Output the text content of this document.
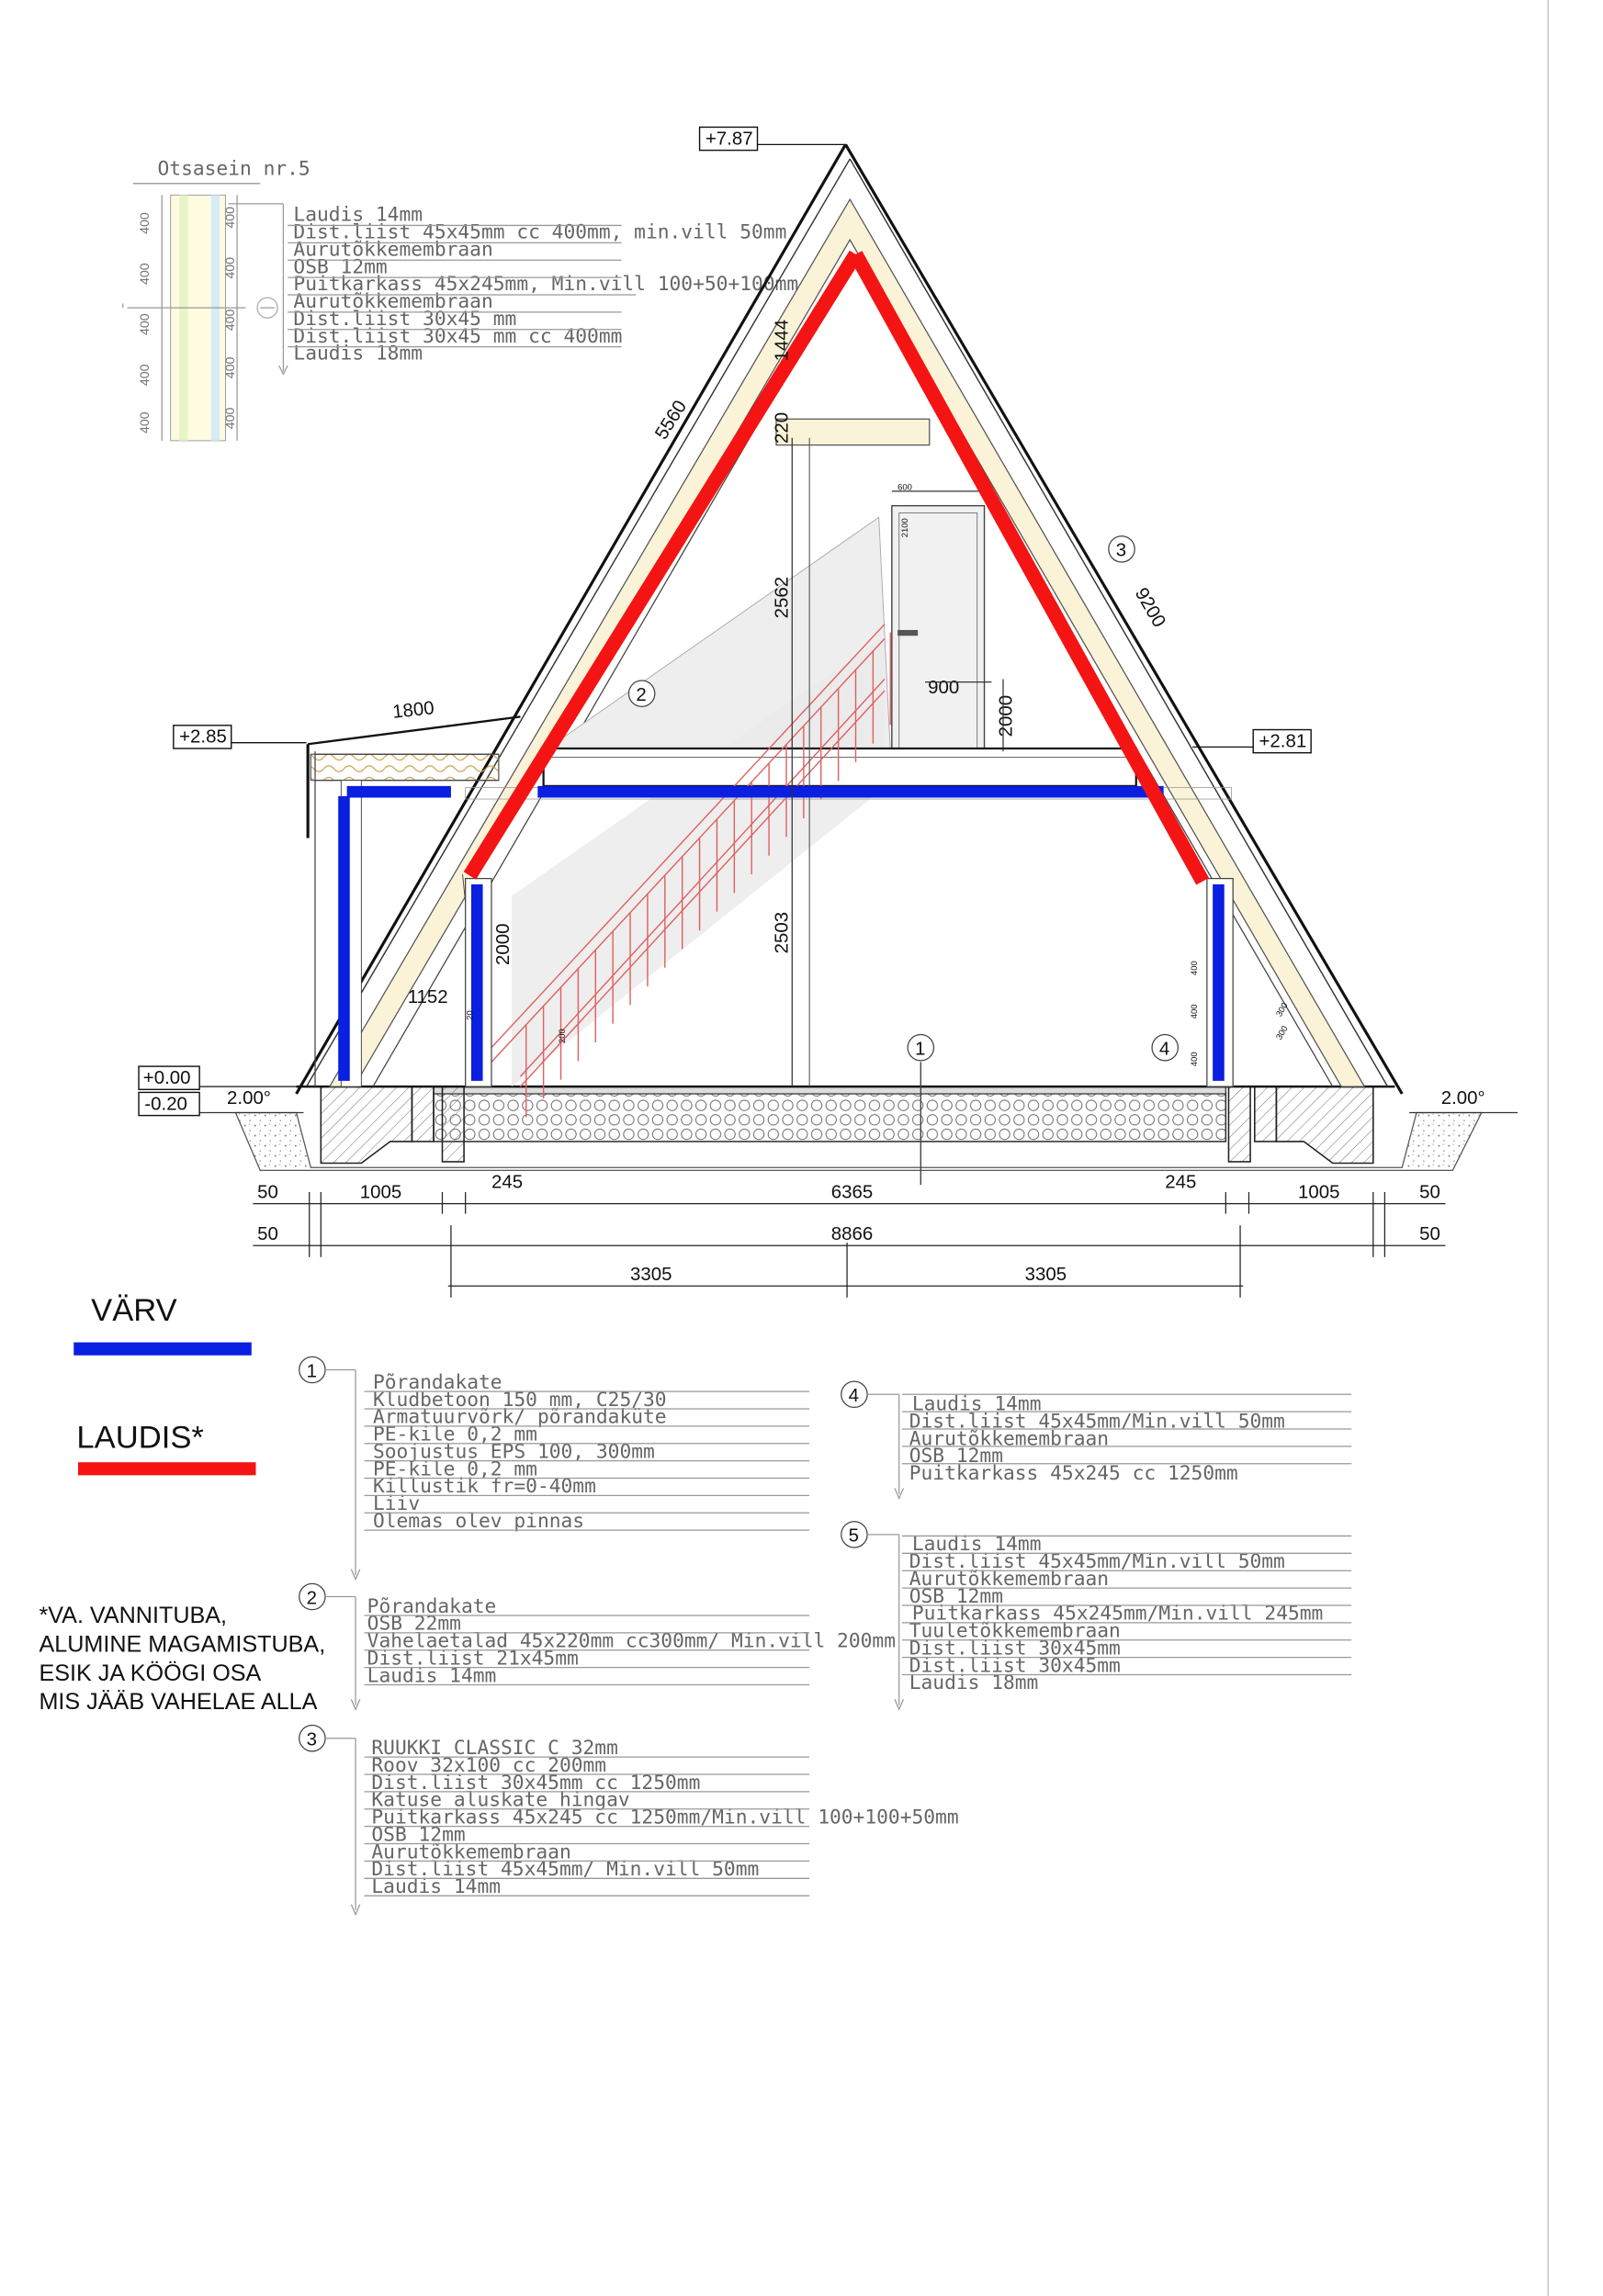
Otsasein nr.5
400
400
400
400
400
400
400
400
400
400
Laudis 14mm
Dist.liist 45x45mm cc 400mm, min.vill 50mm
Aurutõkkemembraan
OSB 12mm
Puitkarkass 45x245mm, Min.vill 100+50+100mm
Aurutõkkemembraan
Dist.liist 30x45 mm
Dist.liist 30x45 mm cc 400mm
Laudis 18mm
5560
9200
1444
220
2562
2503
2000
2000
900
1800
1152
600
2100
400
400
400
300
300
200
20
+7.87
+2.85	+2.81
+0.00
-0.20	2.00°	2.00°
2
3
1	4
50	1005	245	6365	245	1005	50
50	8866	50
3305	3305
VÄRV
LAUDIS*
*VA. VANNITUBA,
ALUMINE MAGAMISTUBA,
ESIK JA KÖÖGI OSA
MIS JÄÄB VAHELAE ALLA
1
Põrandakate
Kludbetoon 150 mm, C25/30
Armatuurvõrk/ põrandaküte
PE-kile 0,2 mm
Soojustus EPS 100, 300mm
PE-kile 0,2 mm
Killustik fr=0-40mm
Liiv
Olemas olev pinnas
2	Põrandakate
OSB 22mm
Vahelaetalad 45x220mm cc300mm/ Min.vill 200mm
Dist.liist 21x45mm
Laudis 14mm
3	RUUKKI CLASSIC C 32mm
Roov 32x100 cc 200mm
Dist.liist 30x45mm cc 1250mm
Katuse aluskate hingav
Puitkarkass 45x245 cc 1250mm/Min.vill 100+100+50mm
OSB 12mm
Aurutõkkemembraan
Dist.liist 45x45mm/ Min.vill 50mm
Laudis 14mm
4	Laudis 14mm
Dist.liist 45x45mm/Min.vill 50mm
Aurutõkkemembraan
OSB 12mm
Puitkarkass 45x245 cc 1250mm
5	Laudis 14mm
Dist.liist 45x45mm/Min.vill 50mm
Aurutõkkemembraan
OSB 12mm
Puitkarkass 45x245mm/Min.vill 245mm
Tuuletõkkemembraan
Dist.liist 30x45mm
Dist.liist 30x45mm
Laudis 18mm
